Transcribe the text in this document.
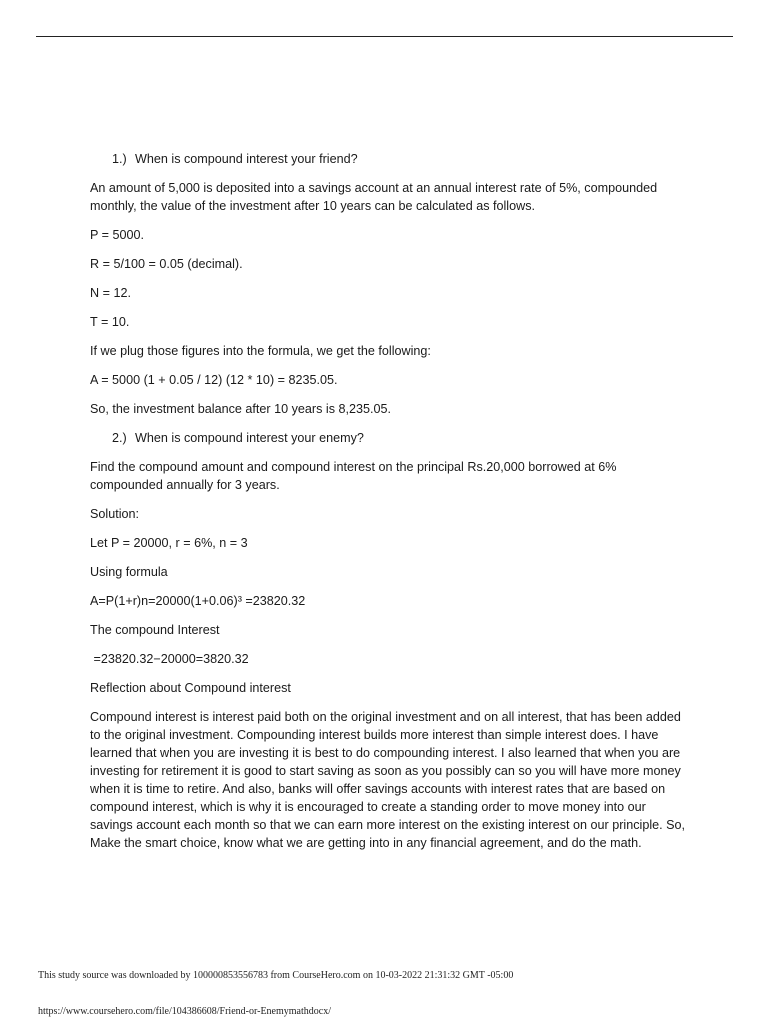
1.) When is compound interest your friend?

An amount of 5,000 is deposited into a savings account at an annual interest rate of 5%, compounded monthly, the value of the investment after 10 years can be calculated as follows.

P = 5000.

R = 5/100 = 0.05 (decimal).

N = 12.

T = 10.

If we plug those figures into the formula, we get the following:

A = 5000 (1 + 0.05 / 12) (12 * 10) = 8235.05.

So, the investment balance after 10 years is 8,235.05.

2.) When is compound interest your enemy?

Find the compound amount and compound interest on the principal Rs.20,000 borrowed at 6% compounded annually for 3 years.

Solution:

Let P = 20000, r = 6%, n = 3

Using formula

A=P(1+r)n=20000(1+0.06)³ =23820.32

The compound Interest

=23820.32−20000=3820.32

Reflection about Compound interest

Compound interest is interest paid both on the original investment and on all interest, that has been added to the original investment. Compounding interest builds more interest than simple interest does. I have learned that when you are investing it is best to do compounding interest. I also learned that when you are investing for retirement it is good to start saving as soon as you possibly can so you will have more money when it is time to retire. And also, banks will offer savings accounts with interest rates that are based on compound interest, which is why it is encouraged to create a standing order to move money into our savings account each month so that we can earn more interest on the existing interest on our principle. So, Make the smart choice, know what we are getting into in any financial agreement, and do the math.

This study source was downloaded by 100000853556783 from CourseHero.com on 10-03-2022 21:31:32 GMT -05:00
https://www.coursehero.com/file/104386608/Friend-or-Enemymathdocx/
